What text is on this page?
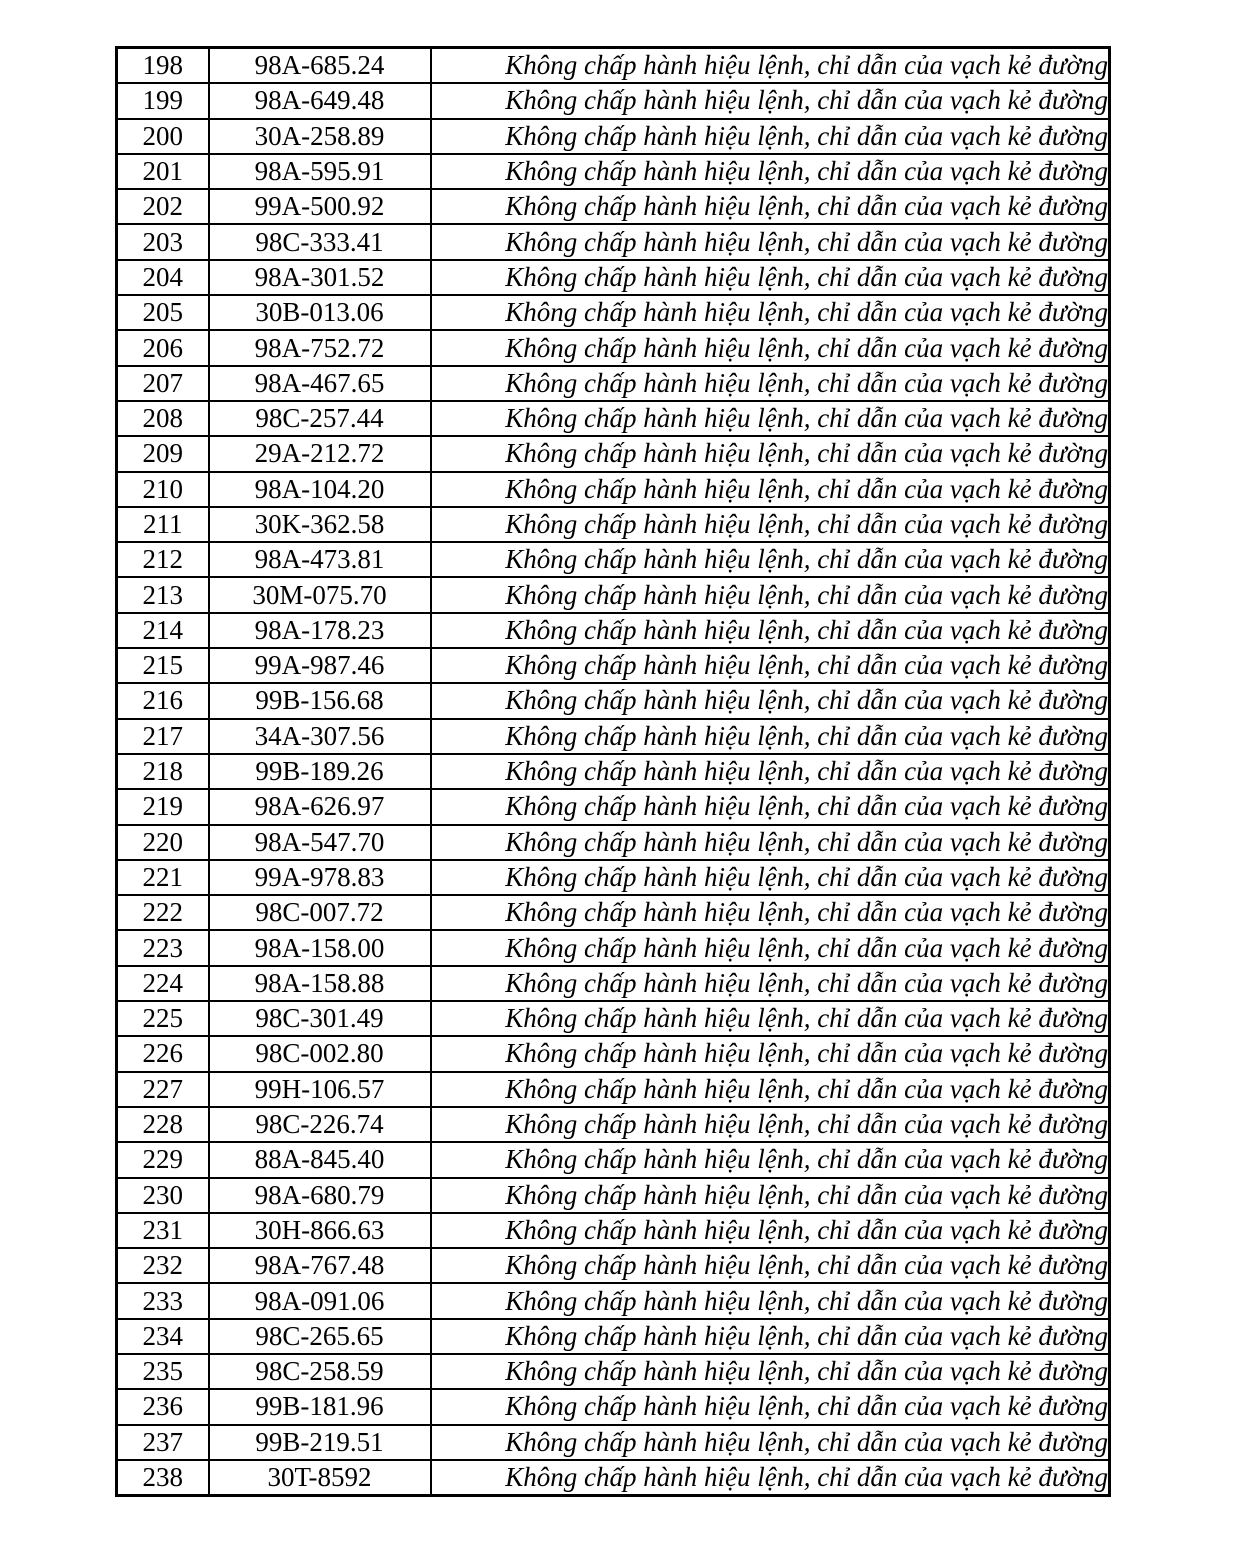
198	98A-685.24	Không chấp hành hiệu lệnh, chỉ dẫn của vạch kẻ đường
199	98A-649.48	Không chấp hành hiệu lệnh, chỉ dẫn của vạch kẻ đường
200	30A-258.89	Không chấp hành hiệu lệnh, chỉ dẫn của vạch kẻ đường
201	98A-595.91	Không chấp hành hiệu lệnh, chỉ dẫn của vạch kẻ đường
202	99A-500.92	Không chấp hành hiệu lệnh, chỉ dẫn của vạch kẻ đường
203	98C-333.41	Không chấp hành hiệu lệnh, chỉ dẫn của vạch kẻ đường
204	98A-301.52	Không chấp hành hiệu lệnh, chỉ dẫn của vạch kẻ đường
205	30B-013.06	Không chấp hành hiệu lệnh, chỉ dẫn của vạch kẻ đường
206	98A-752.72	Không chấp hành hiệu lệnh, chỉ dẫn của vạch kẻ đường
207	98A-467.65	Không chấp hành hiệu lệnh, chỉ dẫn của vạch kẻ đường
208	98C-257.44	Không chấp hành hiệu lệnh, chỉ dẫn của vạch kẻ đường
209	29A-212.72	Không chấp hành hiệu lệnh, chỉ dẫn của vạch kẻ đường
210	98A-104.20	Không chấp hành hiệu lệnh, chỉ dẫn của vạch kẻ đường
211	30K-362.58	Không chấp hành hiệu lệnh, chỉ dẫn của vạch kẻ đường
212	98A-473.81	Không chấp hành hiệu lệnh, chỉ dẫn của vạch kẻ đường
213	30M-075.70	Không chấp hành hiệu lệnh, chỉ dẫn của vạch kẻ đường
214	98A-178.23	Không chấp hành hiệu lệnh, chỉ dẫn của vạch kẻ đường
215	99A-987.46	Không chấp hành hiệu lệnh, chỉ dẫn của vạch kẻ đường
216	99B-156.68	Không chấp hành hiệu lệnh, chỉ dẫn của vạch kẻ đường
217	34A-307.56	Không chấp hành hiệu lệnh, chỉ dẫn của vạch kẻ đường
218	99B-189.26	Không chấp hành hiệu lệnh, chỉ dẫn của vạch kẻ đường
219	98A-626.97	Không chấp hành hiệu lệnh, chỉ dẫn của vạch kẻ đường
220	98A-547.70	Không chấp hành hiệu lệnh, chỉ dẫn của vạch kẻ đường
221	99A-978.83	Không chấp hành hiệu lệnh, chỉ dẫn của vạch kẻ đường
222	98C-007.72	Không chấp hành hiệu lệnh, chỉ dẫn của vạch kẻ đường
223	98A-158.00	Không chấp hành hiệu lệnh, chỉ dẫn của vạch kẻ đường
224	98A-158.88	Không chấp hành hiệu lệnh, chỉ dẫn của vạch kẻ đường
225	98C-301.49	Không chấp hành hiệu lệnh, chỉ dẫn của vạch kẻ đường
226	98C-002.80	Không chấp hành hiệu lệnh, chỉ dẫn của vạch kẻ đường
227	99H-106.57	Không chấp hành hiệu lệnh, chỉ dẫn của vạch kẻ đường
228	98C-226.74	Không chấp hành hiệu lệnh, chỉ dẫn của vạch kẻ đường
229	88A-845.40	Không chấp hành hiệu lệnh, chỉ dẫn của vạch kẻ đường
230	98A-680.79	Không chấp hành hiệu lệnh, chỉ dẫn của vạch kẻ đường
231	30H-866.63	Không chấp hành hiệu lệnh, chỉ dẫn của vạch kẻ đường
232	98A-767.48	Không chấp hành hiệu lệnh, chỉ dẫn của vạch kẻ đường
233	98A-091.06	Không chấp hành hiệu lệnh, chỉ dẫn của vạch kẻ đường
234	98C-265.65	Không chấp hành hiệu lệnh, chỉ dẫn của vạch kẻ đường
235	98C-258.59	Không chấp hành hiệu lệnh, chỉ dẫn của vạch kẻ đường
236	99B-181.96	Không chấp hành hiệu lệnh, chỉ dẫn của vạch kẻ đường
237	99B-219.51	Không chấp hành hiệu lệnh, chỉ dẫn của vạch kẻ đường
238	30T-8592	Không chấp hành hiệu lệnh, chỉ dẫn của vạch kẻ đường
